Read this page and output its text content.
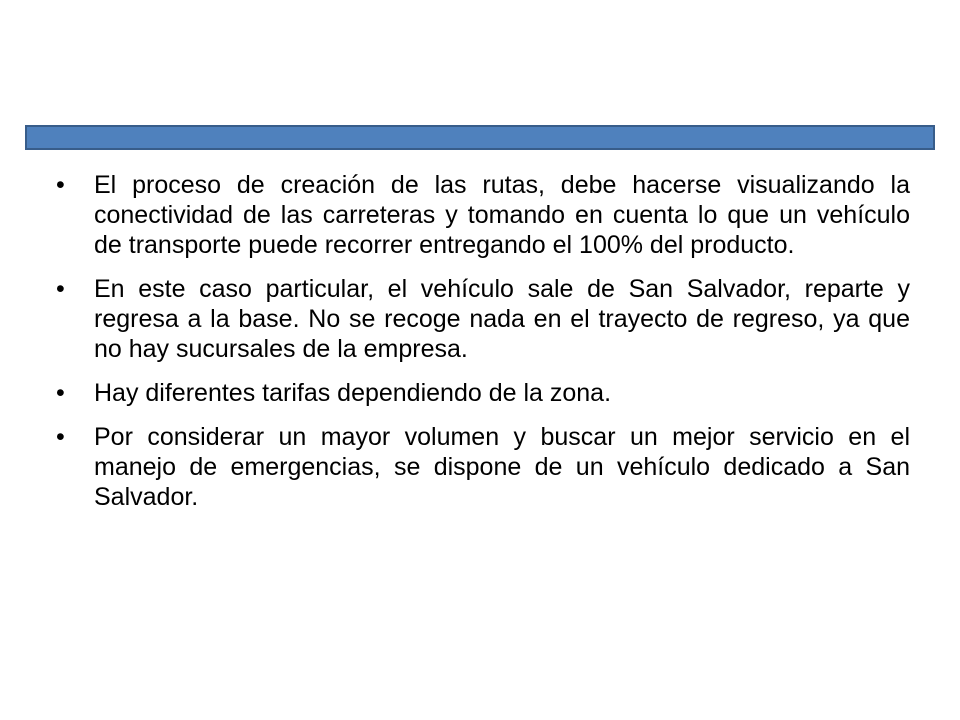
•	El proceso de creación de las rutas, debe hacerse visualizando la conectividad de las carreteras y tomando en cuenta lo que un vehículo de transporte puede recorrer entregando el 100% del producto.
•	En este caso particular, el vehículo sale de San Salvador, reparte y regresa a la base. No se recoge nada en el trayecto de regreso, ya que no hay sucursales de la empresa.
•	Hay diferentes tarifas dependiendo de la zona.
•	Por considerar un mayor volumen y buscar un mejor servicio en el manejo de emergencias, se dispone de un vehículo dedicado a San Salvador.
